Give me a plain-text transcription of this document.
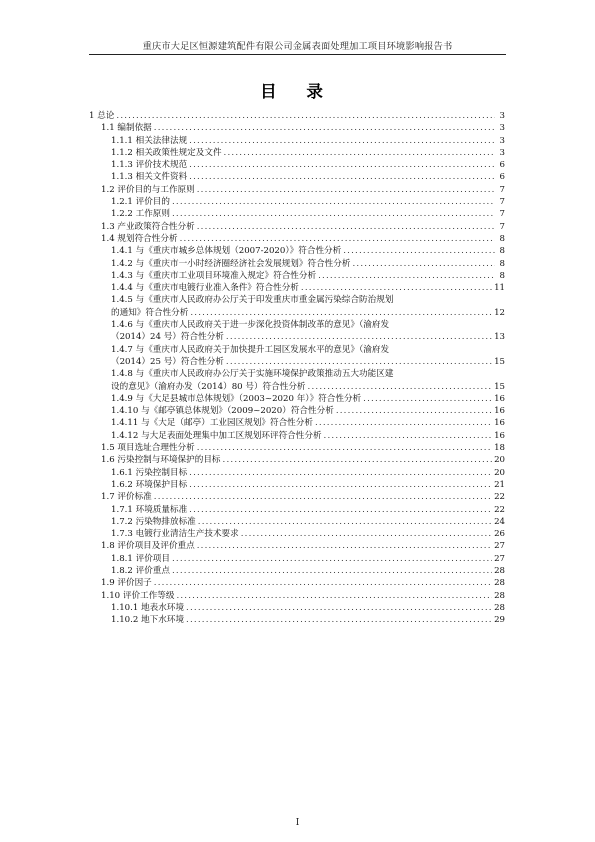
重庆市大足区恒源建筑配件有限公司金属表面处理加工项目环境影响报告书
目 录
1 总论 .....	3
1.1 编制依据 .....	3
1.1.1 相关法律法规 .....	3
1.1.2 相关政策性规定及文件 .....	3
1.1.3 评价技术规范 .....	6
1.1.3 相关文件资料 .....	6
1.2 评价目的与工作原则 .....	7
1.2.1 评价目的 .....	7
1.2.2 工作原则 .....	7
1.3 产业政策符合性分析 .....	7
1.4 规划符合性分析 .....	8
1.4.1 与《重庆市城乡总体规划（2007-2020）》符合性分析 .....	8
1.4.2 与《重庆市一小时经济圈经济社会发展规划》符合性分析 .....	8
1.4.3 与《重庆市工业项目环境准入规定》符合性分析 .....	8
1.4.4 与《重庆市电镀行业准入条件》符合性分析 .....	11
1.4.5 与《重庆市人民政府办公厅关于印发重庆市重金属污染综合防治规划
的通知》符合性分析 .....	12
1.4.6 与《重庆市人民政府关于进一步深化投资体制改革的意见》（渝府发
（2014）24 号）符合性分析 .....	13
1.4.7 与《重庆市人民政府关于加快提升工园区发展水平的意见》（渝府发
（2014）25 号）符合性分析 .....	15
1.4.8 与《重庆市人民政府办公厅关于实施环境保护政策推动五大功能区建
设的意见》（渝府办发（2014）80 号）符合性分析 .....	15
1.4.9 与《大足县城市总体规划》（2003~2020 年）》符合性分析 .....	16
1.4.10 与《邮亭镇总体规划》（2009~2020）符合性分析 .....	16
1.4.11 与《大足（邮亭）工业园区规划》符合性分析 .....	16
1.4.12 与大足表面处理集中加工区规划环评符合性分析 .....	16
1.5 项目选址合理性分析 .....	18
1.6 污染控制与环境保护的目标 .....	20
1.6.1 污染控制目标 .....	20
1.6.2 环境保护目标 .....	21
1.7 评价标准 .....	22
1.7.1 环境质量标准 .....	22
1.7.2 污染物排放标准 .....	24
1.7.3 电镀行业清洁生产技术要求 .....	26
1.8 评价项目及评价重点 .....	27
1.8.1 评价项目 .....	27
1.8.2 评价重点 .....	28
1.9 评价因子 .....	28
1.10 评价工作等级 .....	28
1.10.1 地表水环境 .....	28
1.10.2 地下水环境 .....	29
I
